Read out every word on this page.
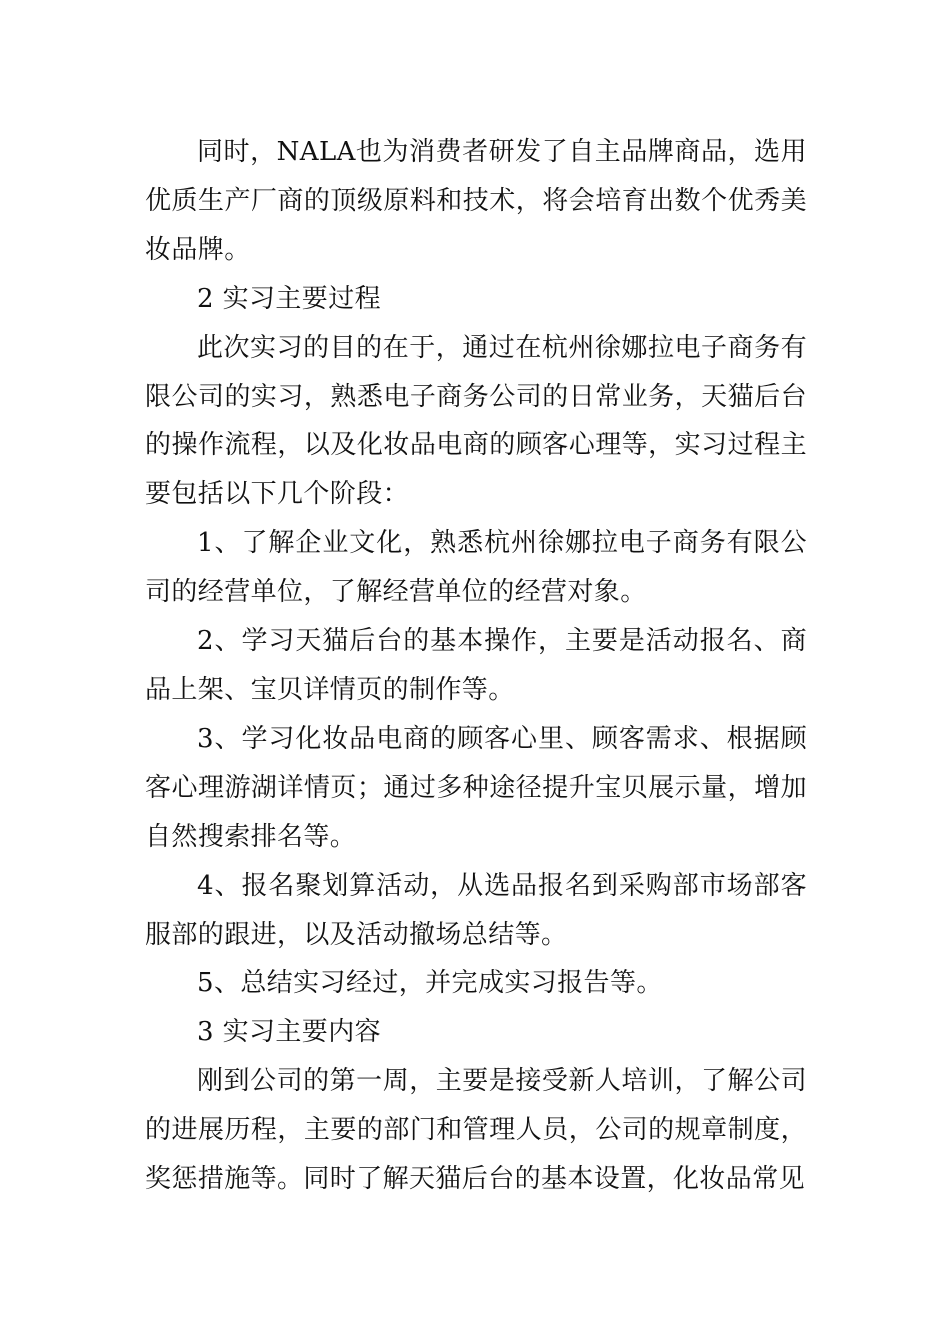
同时，NALA也为消费者研发了自主品牌商品，选用优质生产厂商的顶级原料和技术，将会培育出数个优秀美妆品牌。

2 实习主要过程

此次实习的目的在于，通过在杭州徐娜拉电子商务有限公司的实习，熟悉电子商务公司的日常业务，天猫后台的操作流程，以及化妆品电商的顾客心理等，实习过程主要包括以下几个阶段：

1、了解企业文化，熟悉杭州徐娜拉电子商务有限公司的经营单位，了解经营单位的经营对象。

2、学习天猫后台的基本操作，主要是活动报名、商品上架、宝贝详情页的制作等。

3、学习化妆品电商的顾客心里、顾客需求、根据顾客心理游湖详情页；通过多种途径提升宝贝展示量，增加自然搜索排名等。

4、报名聚划算活动，从选品报名到采购部市场部客服部的跟进，以及活动撤场总结等。

5、总结实习经过，并完成实习报告等。

3 实习主要内容

刚到公司的第一周，主要是接受新人培训，了解公司的进展历程，主要的部门和管理人员，公司的规章制度，奖惩措施等。同时了解天猫后台的基本设置，化妆品常见
